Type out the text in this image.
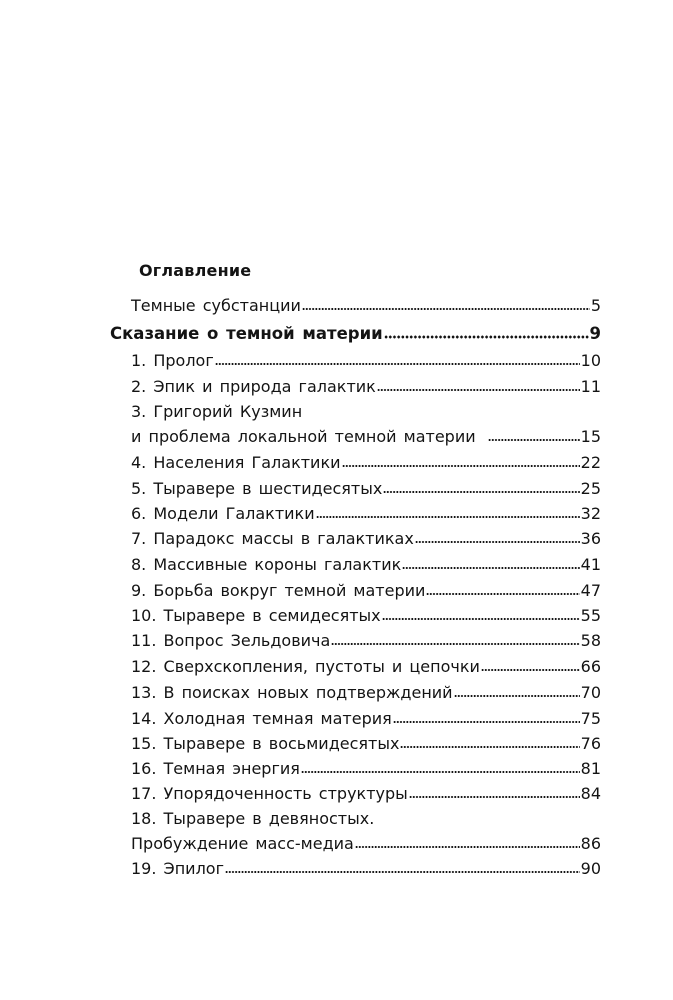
Оглавление
Темные субстанции	5
Сказание о темной материи	9
1. Пролог	10
2. Эпик и природа галактик	11
3. Григорий Кузмин
и проблема локальной темной материи	15
4. Населения Галактики	22
5. Тыравере в шестидесятых	25
6. Модели Галактики	32
7. Парадокс массы в галактиках	36
8. Массивные короны галактик	41
9. Борьба вокруг темной материи	47
10. Тыравере в семидесятых	55
11. Вопрос Зельдовича	58
12. Сверхскопления, пустоты и цепочки	66
13. В поисках новых подтверждений	70
14. Холодная темная материя	75
15. Тыравере в восьмидесятых	76
16. Темная энергия	81
17. Упорядоченность структуры	84
18. Тыравере в девяностых.
Пробуждение масс-медиа	86
19. Эпилог	90
